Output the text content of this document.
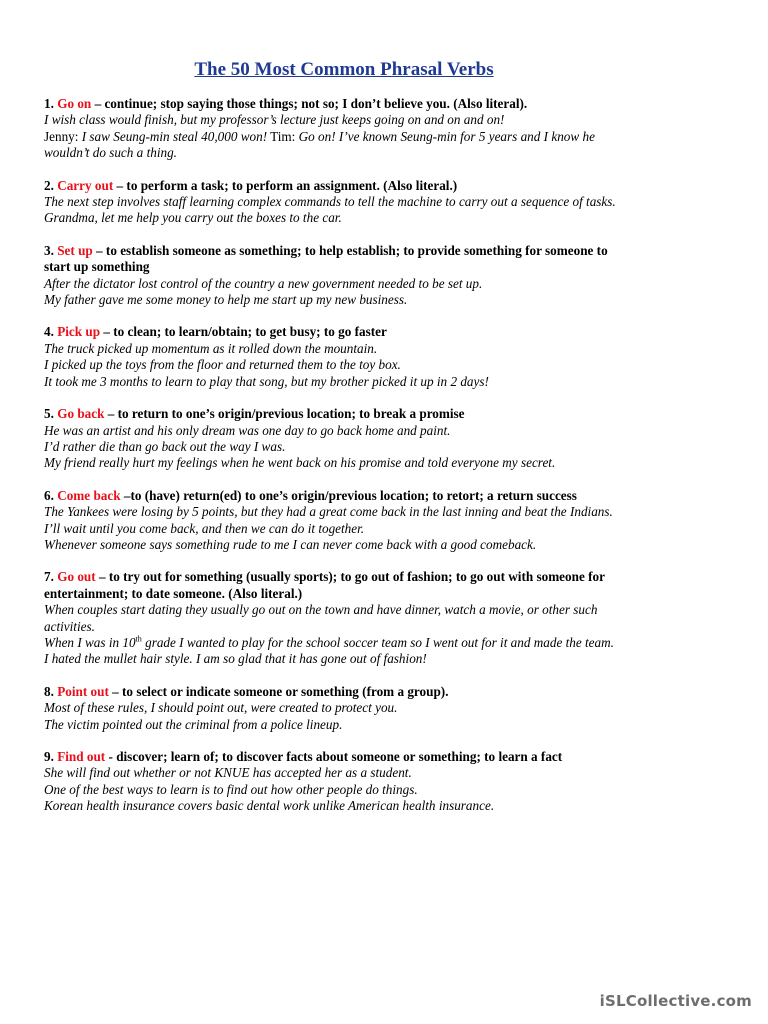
The 50 Most Common Phrasal Verbs
1. Go on – continue; stop saying those things; not so; I don’t believe you. (Also literal).
I wish class would finish, but my professor’s lecture just keeps going on and on and on!
Jenny: I saw Seung-min steal 40,000 won! Tim: Go on! I’ve known Seung-min for 5 years and I know he wouldn’t do such a thing.
2. Carry out – to perform a task; to perform an assignment. (Also literal.)
The next step involves staff learning complex commands to tell the machine to carry out a sequence of tasks.
Grandma, let me help you carry out the boxes to the car.
3. Set up – to establish someone as something; to help establish; to provide something for someone to start up something
After the dictator lost control of the country a new government needed to be set up.
My father gave me some money to help me start up my new business.
4. Pick up – to clean; to learn/obtain; to get busy; to go faster
The truck picked up momentum as it rolled down the mountain.
I picked up the toys from the floor and returned them to the toy box.
It took me 3 months to learn to play that song, but my brother picked it up in 2 days!
5. Go back – to return to one’s origin/previous location; to break a promise
He was an artist and his only dream was one day to go back home and paint.
I’d rather die than go back out the way I was.
My friend really hurt my feelings when he went back on his promise and told everyone my secret.
6. Come back –to (have) return(ed) to one’s origin/previous location; to retort; a return success
The Yankees were losing by 5 points, but they had a great come back in the last inning and beat the Indians.
I’ll wait until you come back, and then we can do it together.
Whenever someone says something rude to me I can never come back with a good comeback.
7. Go out – to try out for something (usually sports); to go out of fashion; to go out with someone for entertainment; to date someone. (Also literal.)
When couples start dating they usually go out on the town and have dinner, watch a movie, or other such activities.
When I was in 10th grade I wanted to play for the school soccer team so I went out for it and made the team.
I hated the mullet hair style. I am so glad that it has gone out of fashion!
8. Point out – to select or indicate someone or something (from a group).
Most of these rules, I should point out, were created to protect you.
The victim pointed out the criminal from a police lineup.
9. Find out - discover; learn of; to discover facts about someone or something; to learn a fact
She will find out whether or not KNUE has accepted her as a student.
One of the best ways to learn is to find out how other people do things.
Korean health insurance covers basic dental work unlike American health insurance.
iSLCollective.com
